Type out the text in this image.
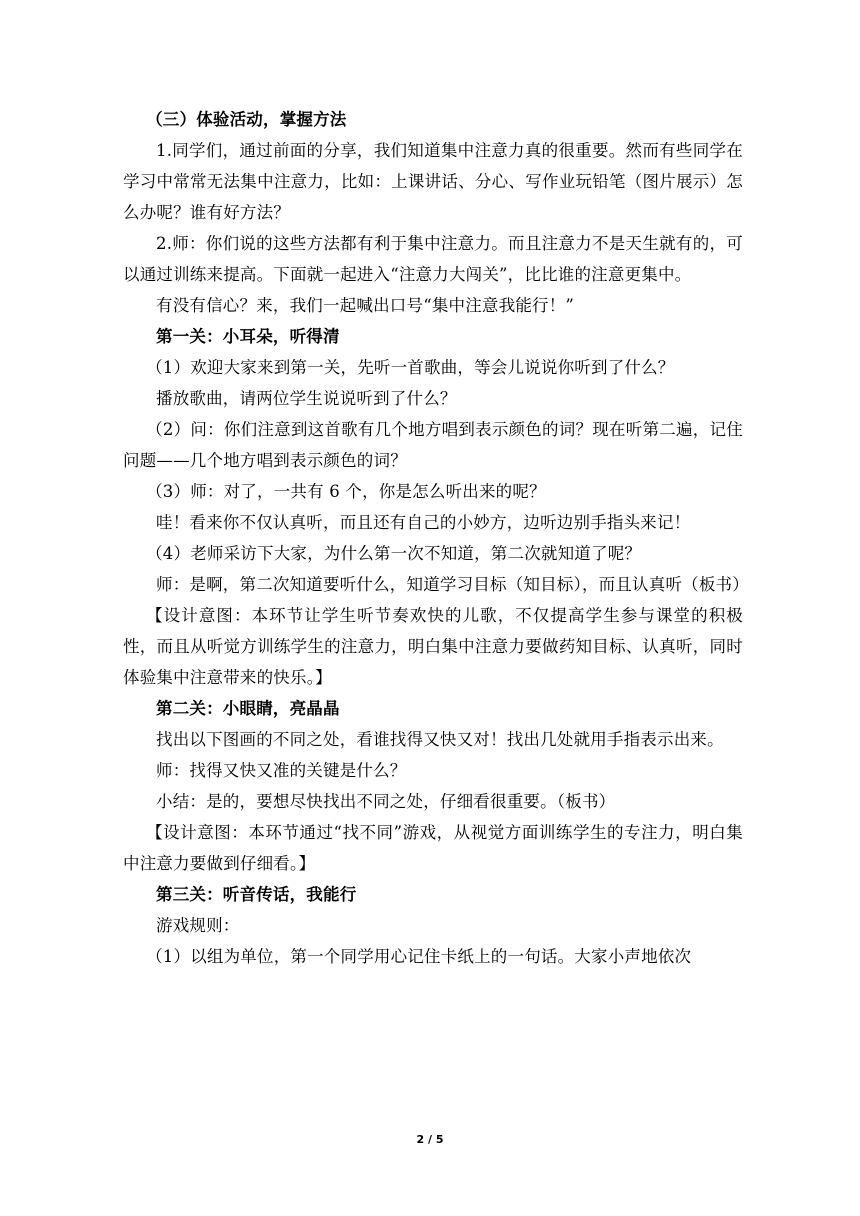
（三）体验活动，掌握方法

1.同学们，通过前面的分享，我们知道集中注意力真的很重要。然而有些同学在学习中常常无法集中注意力，比如：上课讲话、分心、写作业玩铅笔（图片展示）怎么办呢？谁有好方法？

2.师：你们说的这些方法都有利于集中注意力。而且注意力不是天生就有的，可以通过训练来提高。下面就一起进入“注意力大闯关”，比比谁的注意更集中。

有没有信心？来，我们一起喊出口号“集中注意我能行！”

第一关：小耳朵，听得清

（1）欢迎大家来到第一关，先听一首歌曲，等会儿说说你听到了什么？

播放歌曲，请两位学生说说听到了什么？

（2）问：你们注意到这首歌有几个地方唱到表示颜色的词？现在听第二遍，记住问题——几个地方唱到表示颜色的词？

（3）师：对了，一共有 6 个，你是怎么听出来的呢？

哇！看来你不仅认真听，而且还有自己的小妙方，边听边别手指头来记！

（4）老师采访下大家，为什么第一次不知道，第二次就知道了呢？

师：是啊，第二次知道要听什么，知道学习目标（知目标），而且认真听（板书）

【设计意图：本环节让学生听节奏欢快的儿歌，不仅提高学生参与课堂的积极性，而且从听觉方训练学生的注意力，明白集中注意力要做药知目标、认真听，同时体验集中注意带来的快乐。】

第二关：小眼睛，亮晶晶

找出以下图画的不同之处，看谁找得又快又对！找出几处就用手指表示出来。

师：找得又快又准的关键是什么？

小结：是的，要想尽快找出不同之处，仔细看很重要。（板书）

【设计意图：本环节通过“找不同”游戏，从视觉方面训练学生的专注力，明白集中注意力要做到仔细看。】

第三关：听音传话，我能行

游戏规则：

（1）以组为单位，第一个同学用心记住卡纸上的一句话。大家小声地依次

2 / 5
